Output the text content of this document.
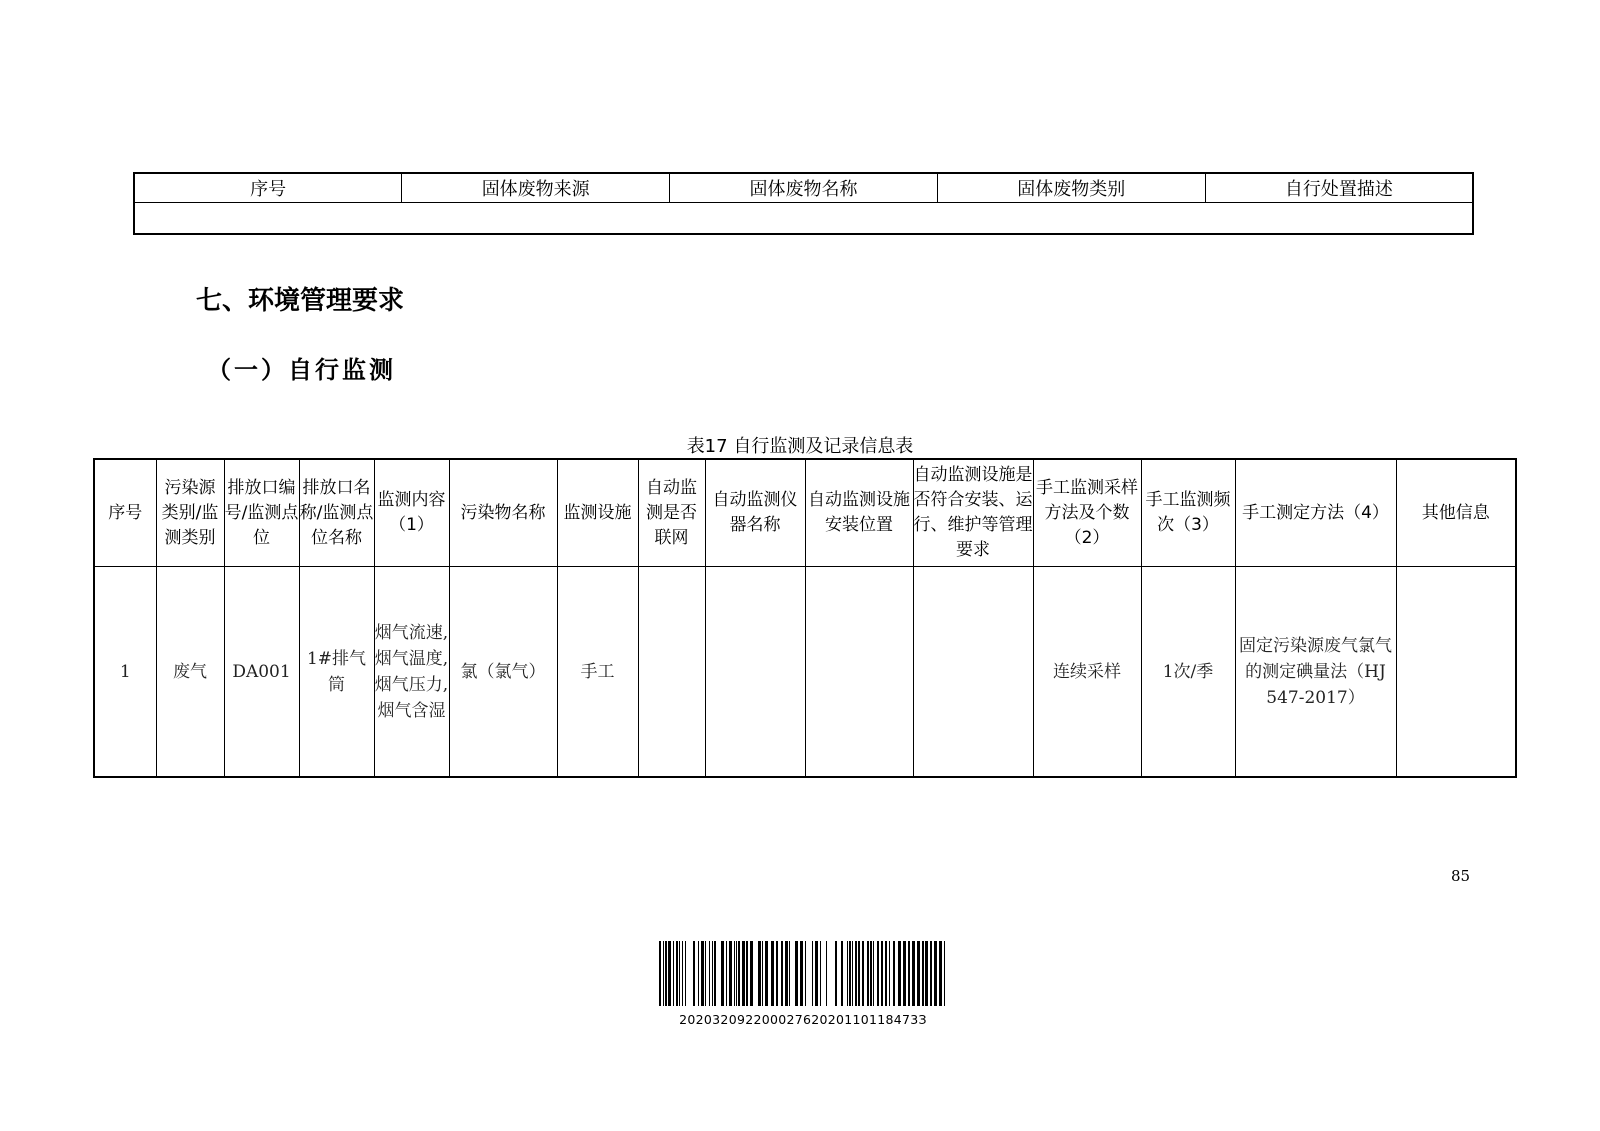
序号	固体废物来源	固体废物名称	固体废物类别	自行处置描述

七、环境管理要求
（一）自行监测
表17 自行监测及记录信息表
序号	污染源类别/监测类别	排放口编号/监测点位	排放口名称/监测点位名称	监测内容（1）	污染物名称	监测设施	自动监测是否联网	自动监测仪器名称	自动监测设施安装位置	自动监测设施是否符合安装、运行、维护等管理要求	手工监测采样方法及个数（2）	手工监测频次（3）	手工测定方法（4）	其他信息
1	废气	DA001	1#排气筒	烟气流速,烟气温度,烟气压力,烟气含湿	氯（氯气）	手工					连续采样	1次/季	固定污染源废气氯气的测定碘量法（HJ 547-2017）	
85
20203209220002762020110118473З
